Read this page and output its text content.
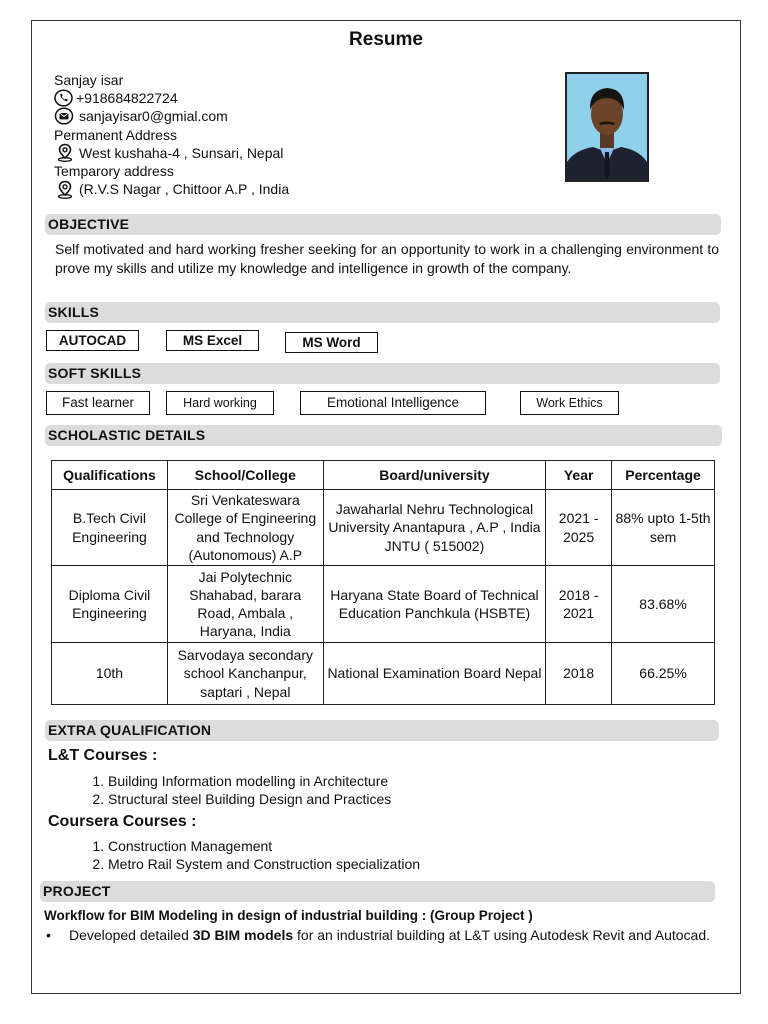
Resume
Sanjay isar
+918684822724
sanjayisar0@gmial.com
Permanent Address
West kushaha-4 , Sunsari, Nepal
Temparory address
(R.V.S Nagar , Chittoor A.P , India
OBJECTIVE
Self motivated and hard working fresher seeking for an opportunity to work in a challenging environment to prove my skills and utilize my knowledge and intelligence in growth of the company.
SKILLS
AUTOCAD	MS Excel	MS Word
SOFT SKILLS
Fast learner	Hard working	Emotional Intelligence	Work Ethics
SCHOLASTIC DETAILS
Qualifications	School/College	Board/university	Year	Percentage
B.Tech Civil Engineering	Sri Venkateswara College of Engineering and Technology (Autonomous) A.P	Jawaharlal Nehru Technological University Anantapura , A.P , India JNTU ( 515002)	2021 - 2025	88% upto 1-5th sem
Diploma Civil Engineering	Jai Polytechnic Shahabad, barara Road, Ambala , Haryana, India	Haryana State Board of Technical Education Panchkula (HSBTE)	2018 - 2021	83.68%
10th	Sarvodaya secondary school Kanchanpur, saptari , Nepal	National Examination Board Nepal	2018	66.25%
EXTRA QUALIFICATION
L&T Courses :
1. Building Information modelling in Architecture
2. Structural steel Building Design and Practices
Coursera Courses :
1. Construction Management
2. Metro Rail System and Construction specialization
PROJECT
Workflow for BIM Modeling in design of industrial building : (Group Project )
• Developed detailed 3D BIM models for an industrial building at L&T using Autodesk Revit and Autocad.
